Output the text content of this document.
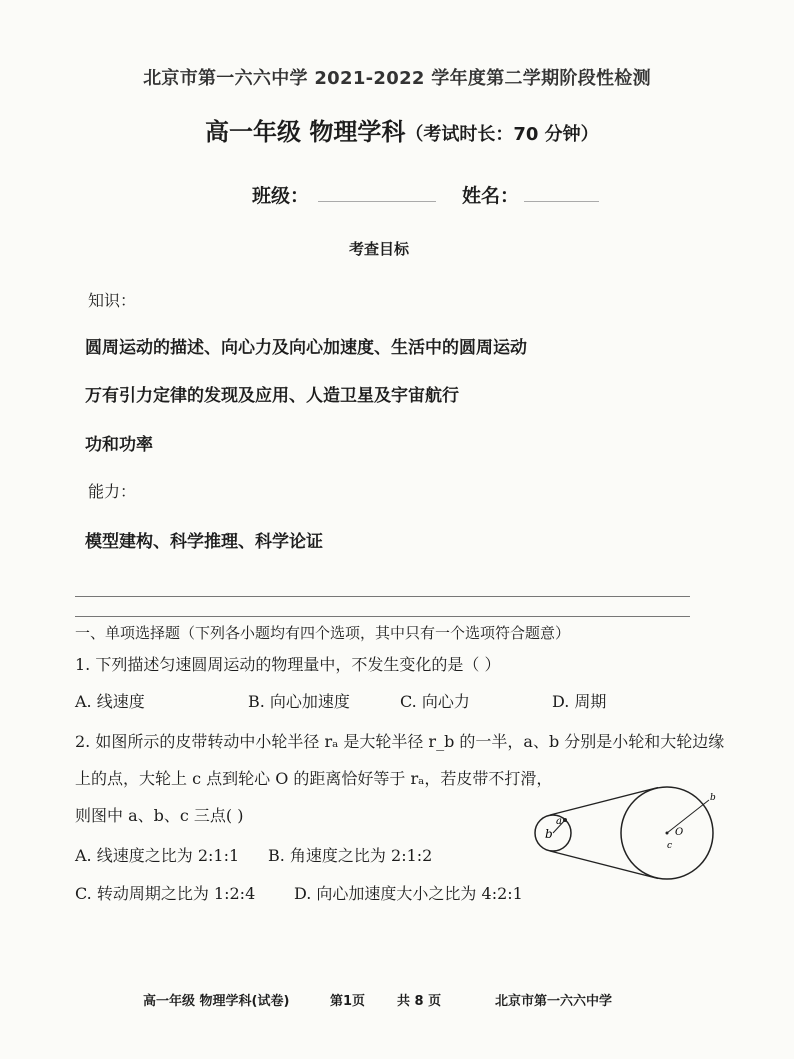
北京市第一六六中学 2021-2022 学年度第二学期阶段性检测
高一年级 物理学科（考试时长：70 分钟）
班级：	姓名：
考查目标
知识：
圆周运动的描述、向心力及向心加速度、生活中的圆周运动
万有引力定律的发现及应用、人造卫星及宇宙航行
功和功率
能力：
模型建构、科学推理、科学论证
一、单项选择题（下列各小题均有四个选项，其中只有一个选项符合题意）
1. 下列描述匀速圆周运动的物理量中，不发生变化的是（ ）
A. 线速度	B. 向心加速度	C. 向心力	D. 周期
2. 如图所示的皮带转动中小轮半径 rₐ 是大轮半径 r_b 的一半，a、b 分别是小轮和大轮边缘
上的点，大轮上 c 点到轮心 O 的距离恰好等于 rₐ，若皮带不打滑，
则图中 a、b、c 三点( )
A. 线速度之比为 2:1:1 B. 角速度之比为 2:1:2
C. 转动周期之比为 1:2:4 D. 向心加速度大小之比为 4:2:1
b
a
b
O
c
高一年级 物理学科(试卷)	第1页 共 8 页	北京市第一六六中学
